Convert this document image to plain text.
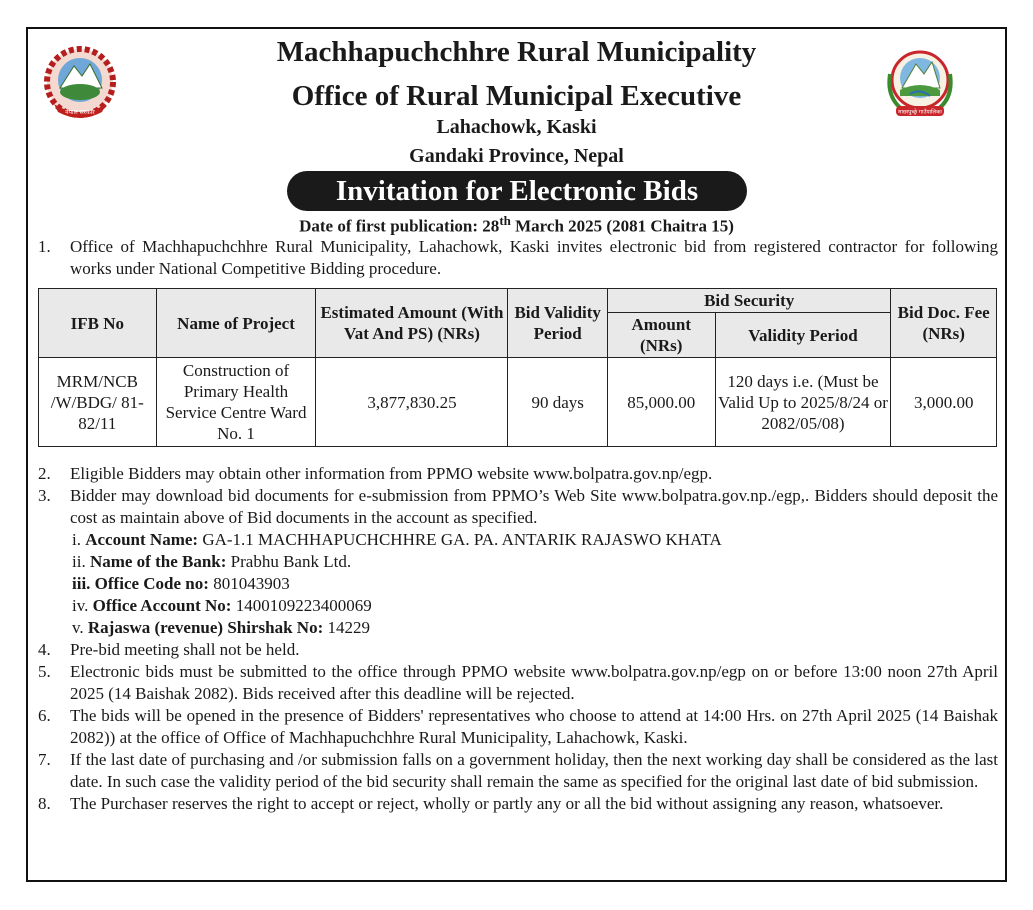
नेपाल सरकार	माछापुच्छ्रे गाउँपालिका
Machhapuchchhre Rural Municipality
Office of Rural Municipal Executive
Lahachowk, Kaski
Gandaki Province, Nepal
Invitation for Electronic Bids
Date of first publication: 28th March 2025 (2081 Chaitra 15)
1. Office of Machhapuchchhre Rural Municipality, Lahachowk, Kaski invites electronic bid from registered contractor for following works under National Competitive Bidding procedure.
IFB No	Name of Project	Estimated Amount (With Vat And PS) (NRs)	Bid Validity Period	Bid Security		Bid Doc. Fee (NRs)
				Amount (NRs)	Validity Period	
MRM/NCB /W/BDG/ 81-82/11	Construction of Primary Health Service Centre Ward No. 1	3,877,830.25	90 days	85,000.00	120 days i.e. (Must be Valid Up to 2025/8/24 or 2082/05/08)	3,000.00
2. Eligible Bidders may obtain other information from PPMO website www.bolpatra.gov.np/egp.
3. Bidder may download bid documents for e-submission from PPMO’s Web Site www.bolpatra.gov.np./egp,. Bidders should deposit the cost as maintain above of Bid documents in the account as specified.
i. Account Name: GA-1.1 MACHHAPUCHCHHRE GA. PA. ANTARIK RAJASWO KHATA
ii. Name of the Bank: Prabhu Bank Ltd.
iii. Office Code no: 801043903
iv. Office Account No: 1400109223400069
v. Rajaswa (revenue) Shirshak No: 14229
4. Pre-bid meeting shall not be held.
5. Electronic bids must be submitted to the office through PPMO website www.bolpatra.gov.np/egp on or before 13:00 noon 27th April 2025 (14 Baishak 2082). Bids received after this deadline will be rejected.
6. The bids will be opened in the presence of Bidders' representatives who choose to attend at 14:00 Hrs. on 27th April 2025 (14 Baishak 2082)) at the office of Office of Machhapuchchhre Rural Municipality, Lahachowk, Kaski.
7. If the last date of purchasing and /or submission falls on a government holiday, then the next working day shall be considered as the last date. In such case the validity period of the bid security shall remain the same as specified for the original last date of bid submission.
8. The Purchaser reserves the right to accept or reject, wholly or partly any or all the bid without assigning any reason, whatsoever.
